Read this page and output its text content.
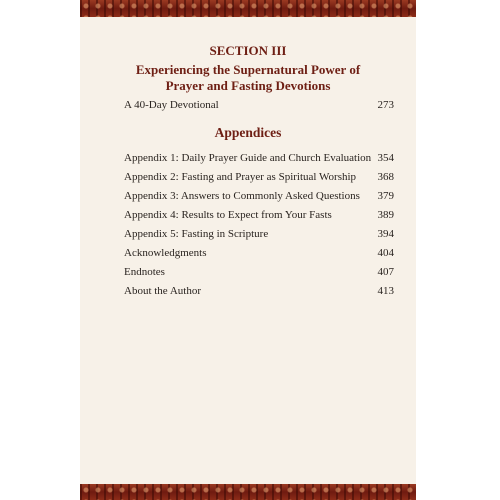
SECTION III
Experiencing the Supernatural Power of
Prayer and Fasting Devotions
A 40-Day Devotional	273
Appendices
Appendix 1: Daily Prayer Guide and Church Evaluation 354
Appendix 2: Fasting and Prayer as Spiritual Worship 368
Appendix 3: Answers to Commonly Asked Questions 379
Appendix 4: Results to Expect from Your Fasts	389
Appendix 5: Fasting in Scripture	394
Acknowledgments	404
Endnotes	407
About the Author	413
